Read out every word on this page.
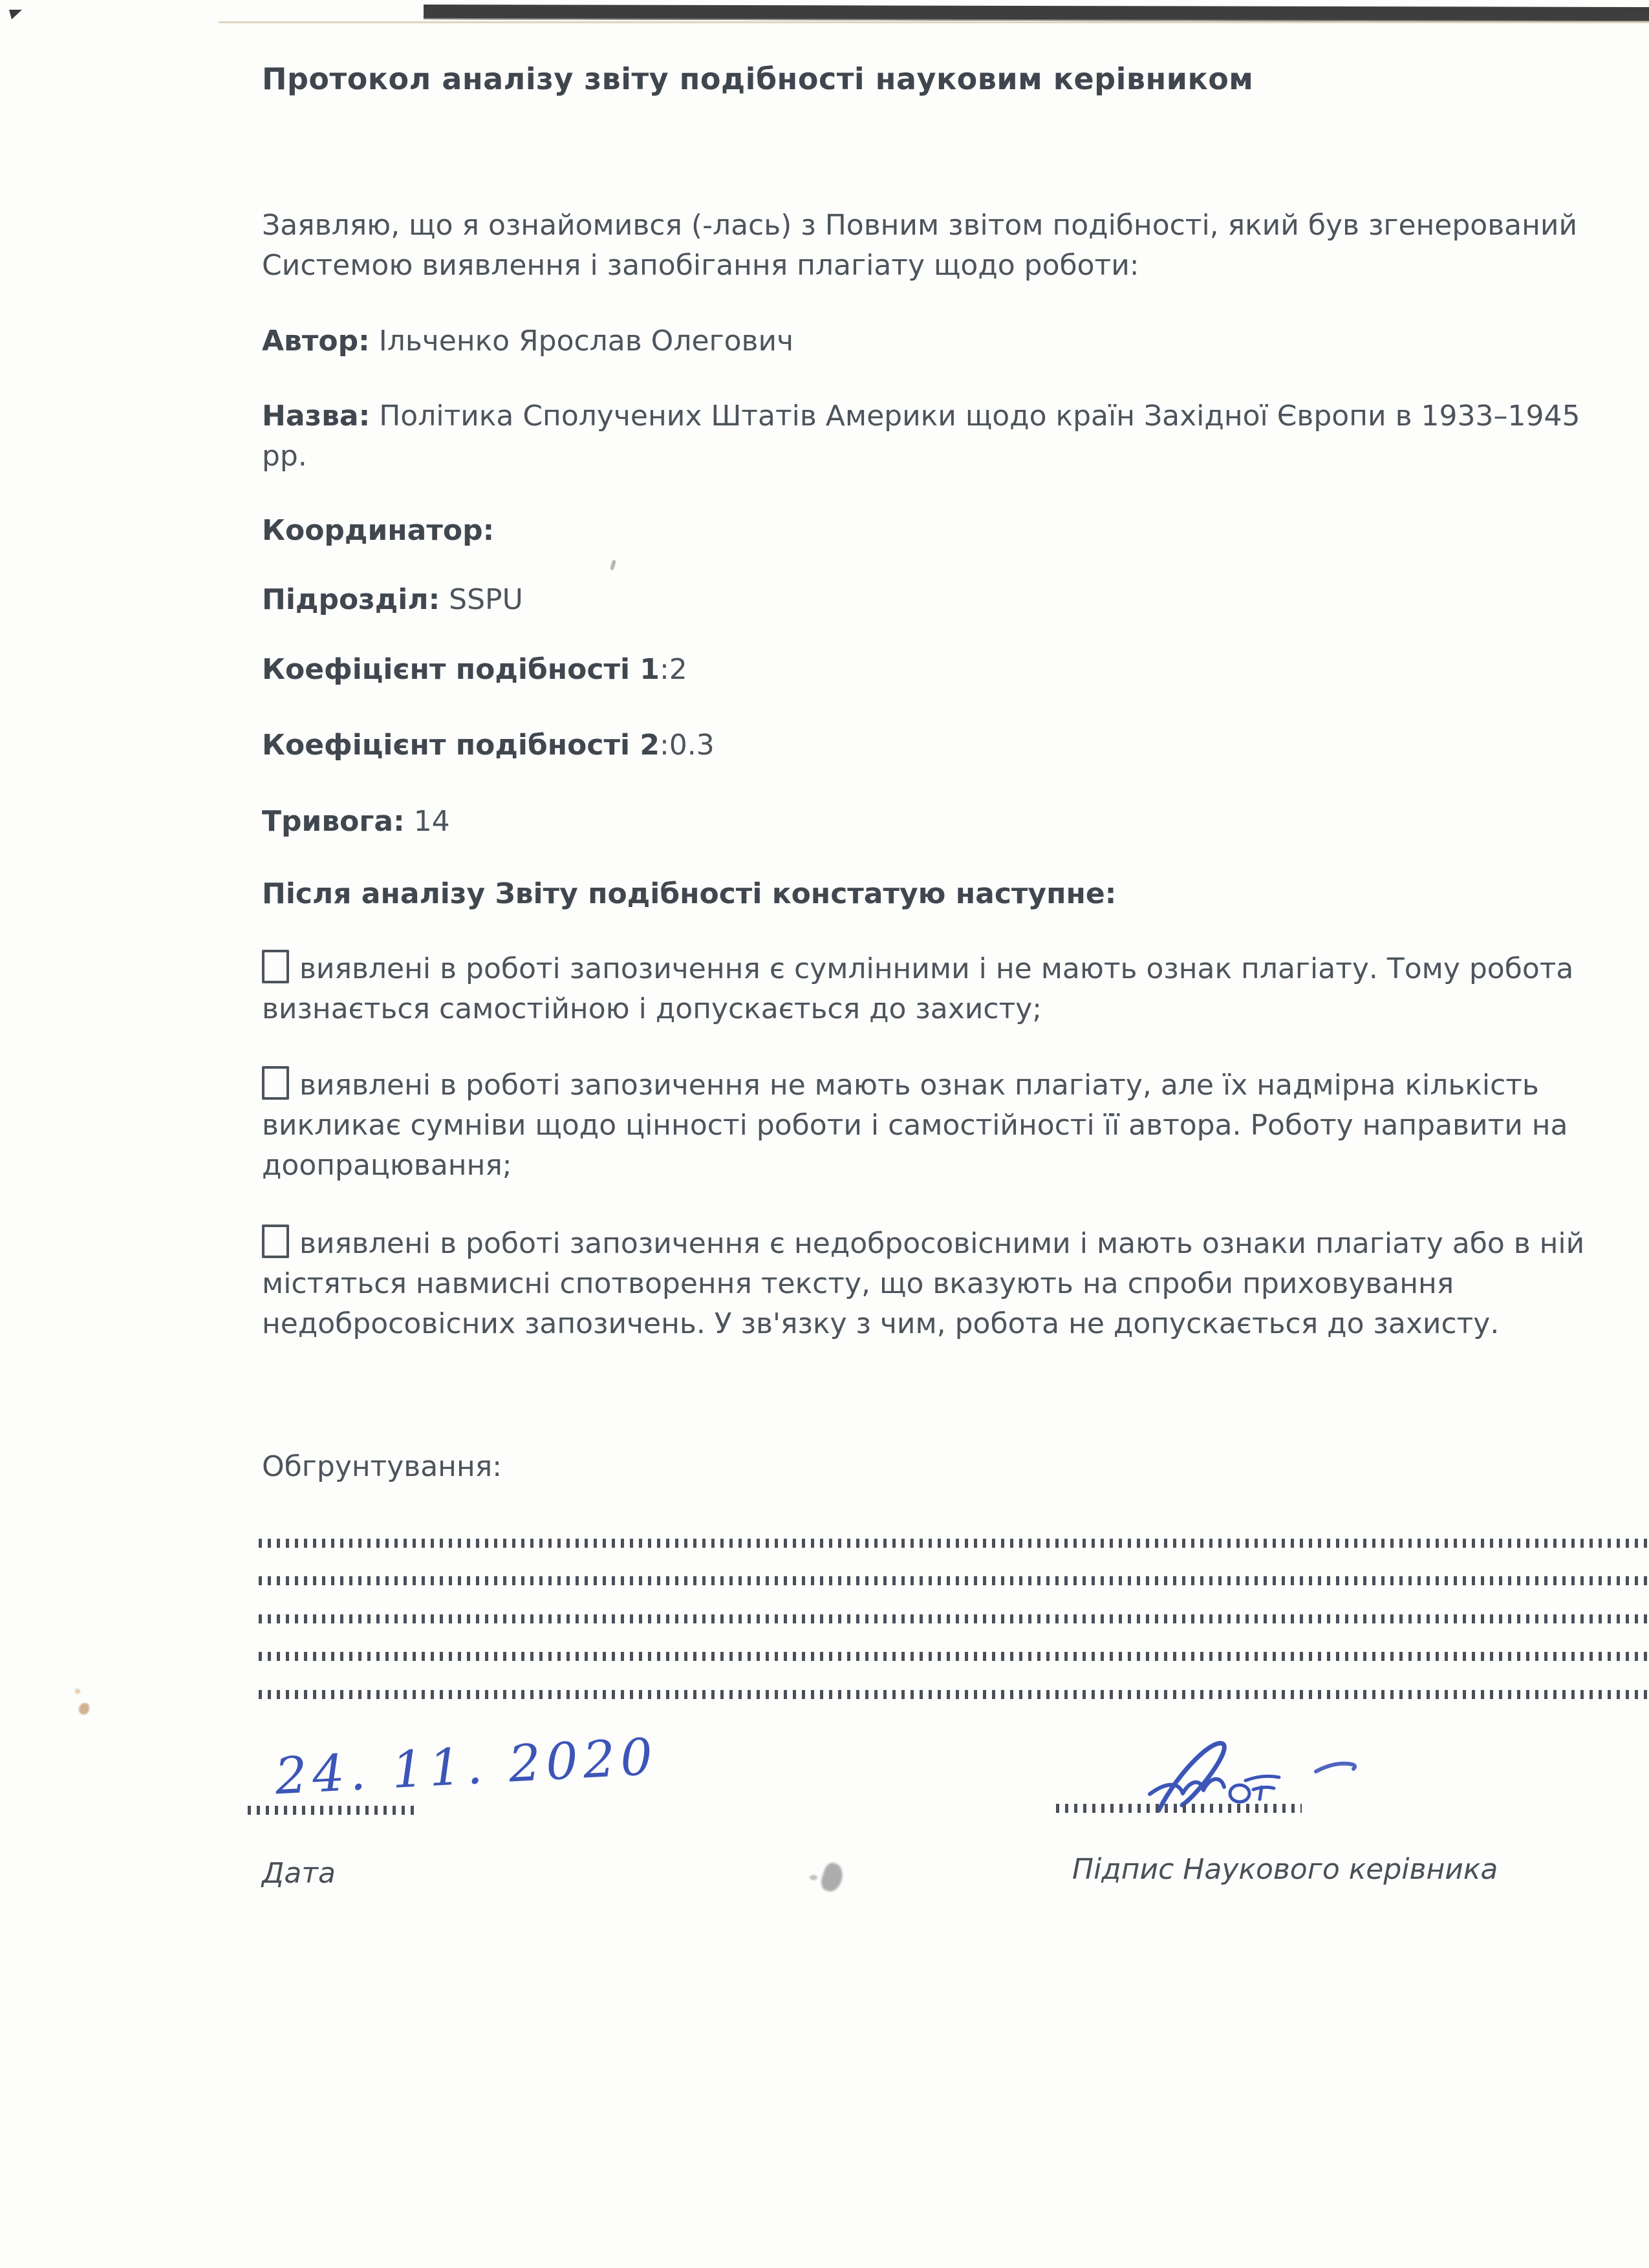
Протокол аналізу звіту подібності науковим керівником
Заявляю, що я ознайомився (-лась) з Повним звітом подібності, який був згенерований Системою виявлення і запобігання плагіату щодо роботи:
Автор: Ільченко Ярослав Олегович
Назва: Політика Сполучених Штатів Америки щодо країн Західної Європи в 1933–1945 рр.
Координатор:
Підрозділ: SSPU
Коефіцієнт подібності 1:2
Коефіцієнт подібності 2:0.3
Тривога: 14
Після аналізу Звіту подібності констатую наступне:
виявлені в роботі запозичення є сумлінними і не мають ознак плагіату. Тому робота визнається самостійною і допускається до захисту;
виявлені в роботі запозичення не мають ознак плагіату, але їх надмірна кількість викликає сумніви щодо цінності роботи і самостійності її автора. Роботу направити на доопрацювання;
виявлені в роботі запозичення є недобросовісними і мають ознаки плагіату або в ній містяться навмисні спотворення тексту, що вказують на спроби приховування недобросовісних запозичень. У зв'язку з чим, робота не допускається до захисту.
Обгрунтування:
24. 11. 2020
Дата	Підпис Наукового керівника
